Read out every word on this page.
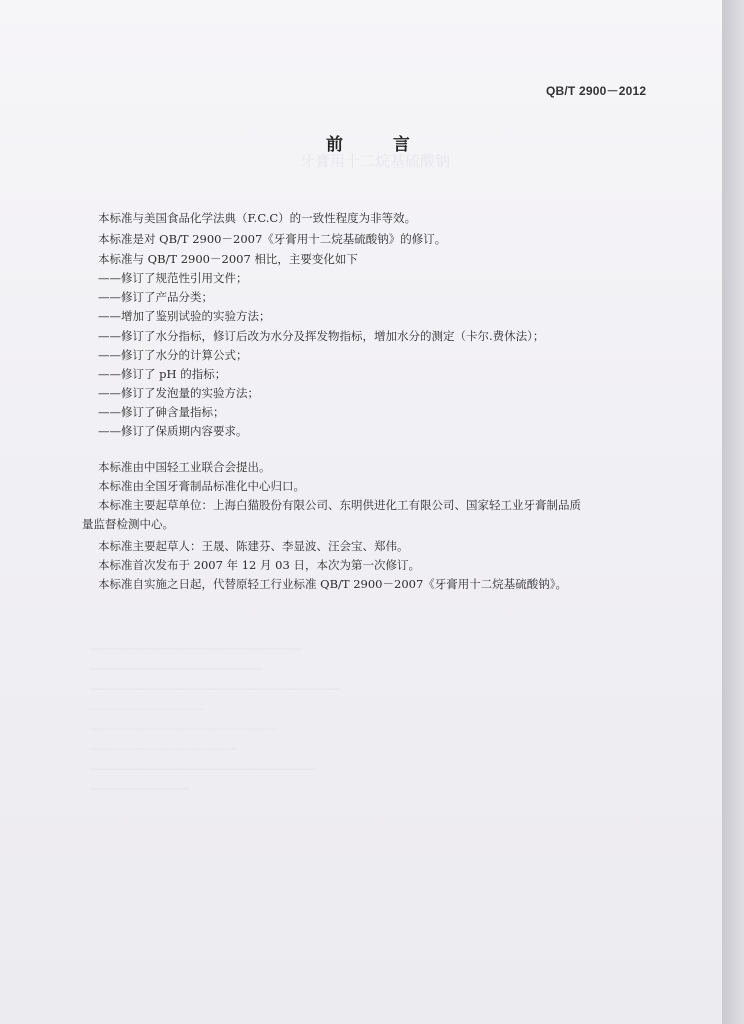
牙膏用十二烷基硫酸钠
QB/T 2900－2012
前 言
本标准与美国食品化学法典（F.C.C）的一致性程度为非等效。
本标准是对 QB/T 2900－2007《牙膏用十二烷基硫酸钠》的修订。
本标准与 QB/T 2900－2007 相比，主要变化如下
——修订了规范性引用文件；
——修订了产品分类；
——增加了鉴别试验的实验方法；
——修订了水分指标，修订后改为水分及挥发物指标，增加水分的测定（卡尔.费休法）；
——修订了水分的计算公式；
——修订了 pH 的指标；
——修订了发泡量的实验方法；
——修订了砷含量指标；
——修订了保质期内容要求。
本标准由中国轻工业联合会提出。
本标准由全国牙膏制品标准化中心归口。
本标准主要起草单位：上海白猫股份有限公司、东明供进化工有限公司、国家轻工业牙膏制品质
量监督检测中心。
本标准主要起草人：王晟、陈建芬、李显波、汪会宝、郑伟。
本标准首次发布于 2007 年 12 月 03 日，本次为第一次修订。
本标准自实施之日起，代替原轻工行业标准 QB/T 2900－2007《牙膏用十二烷基硫酸钠》。
────────────────────────────────
──────────────────────────
──────────────────────────────────────
─────────────────
────────────────────────────
──────────────────────
──────────────────────────────────
───────────────
